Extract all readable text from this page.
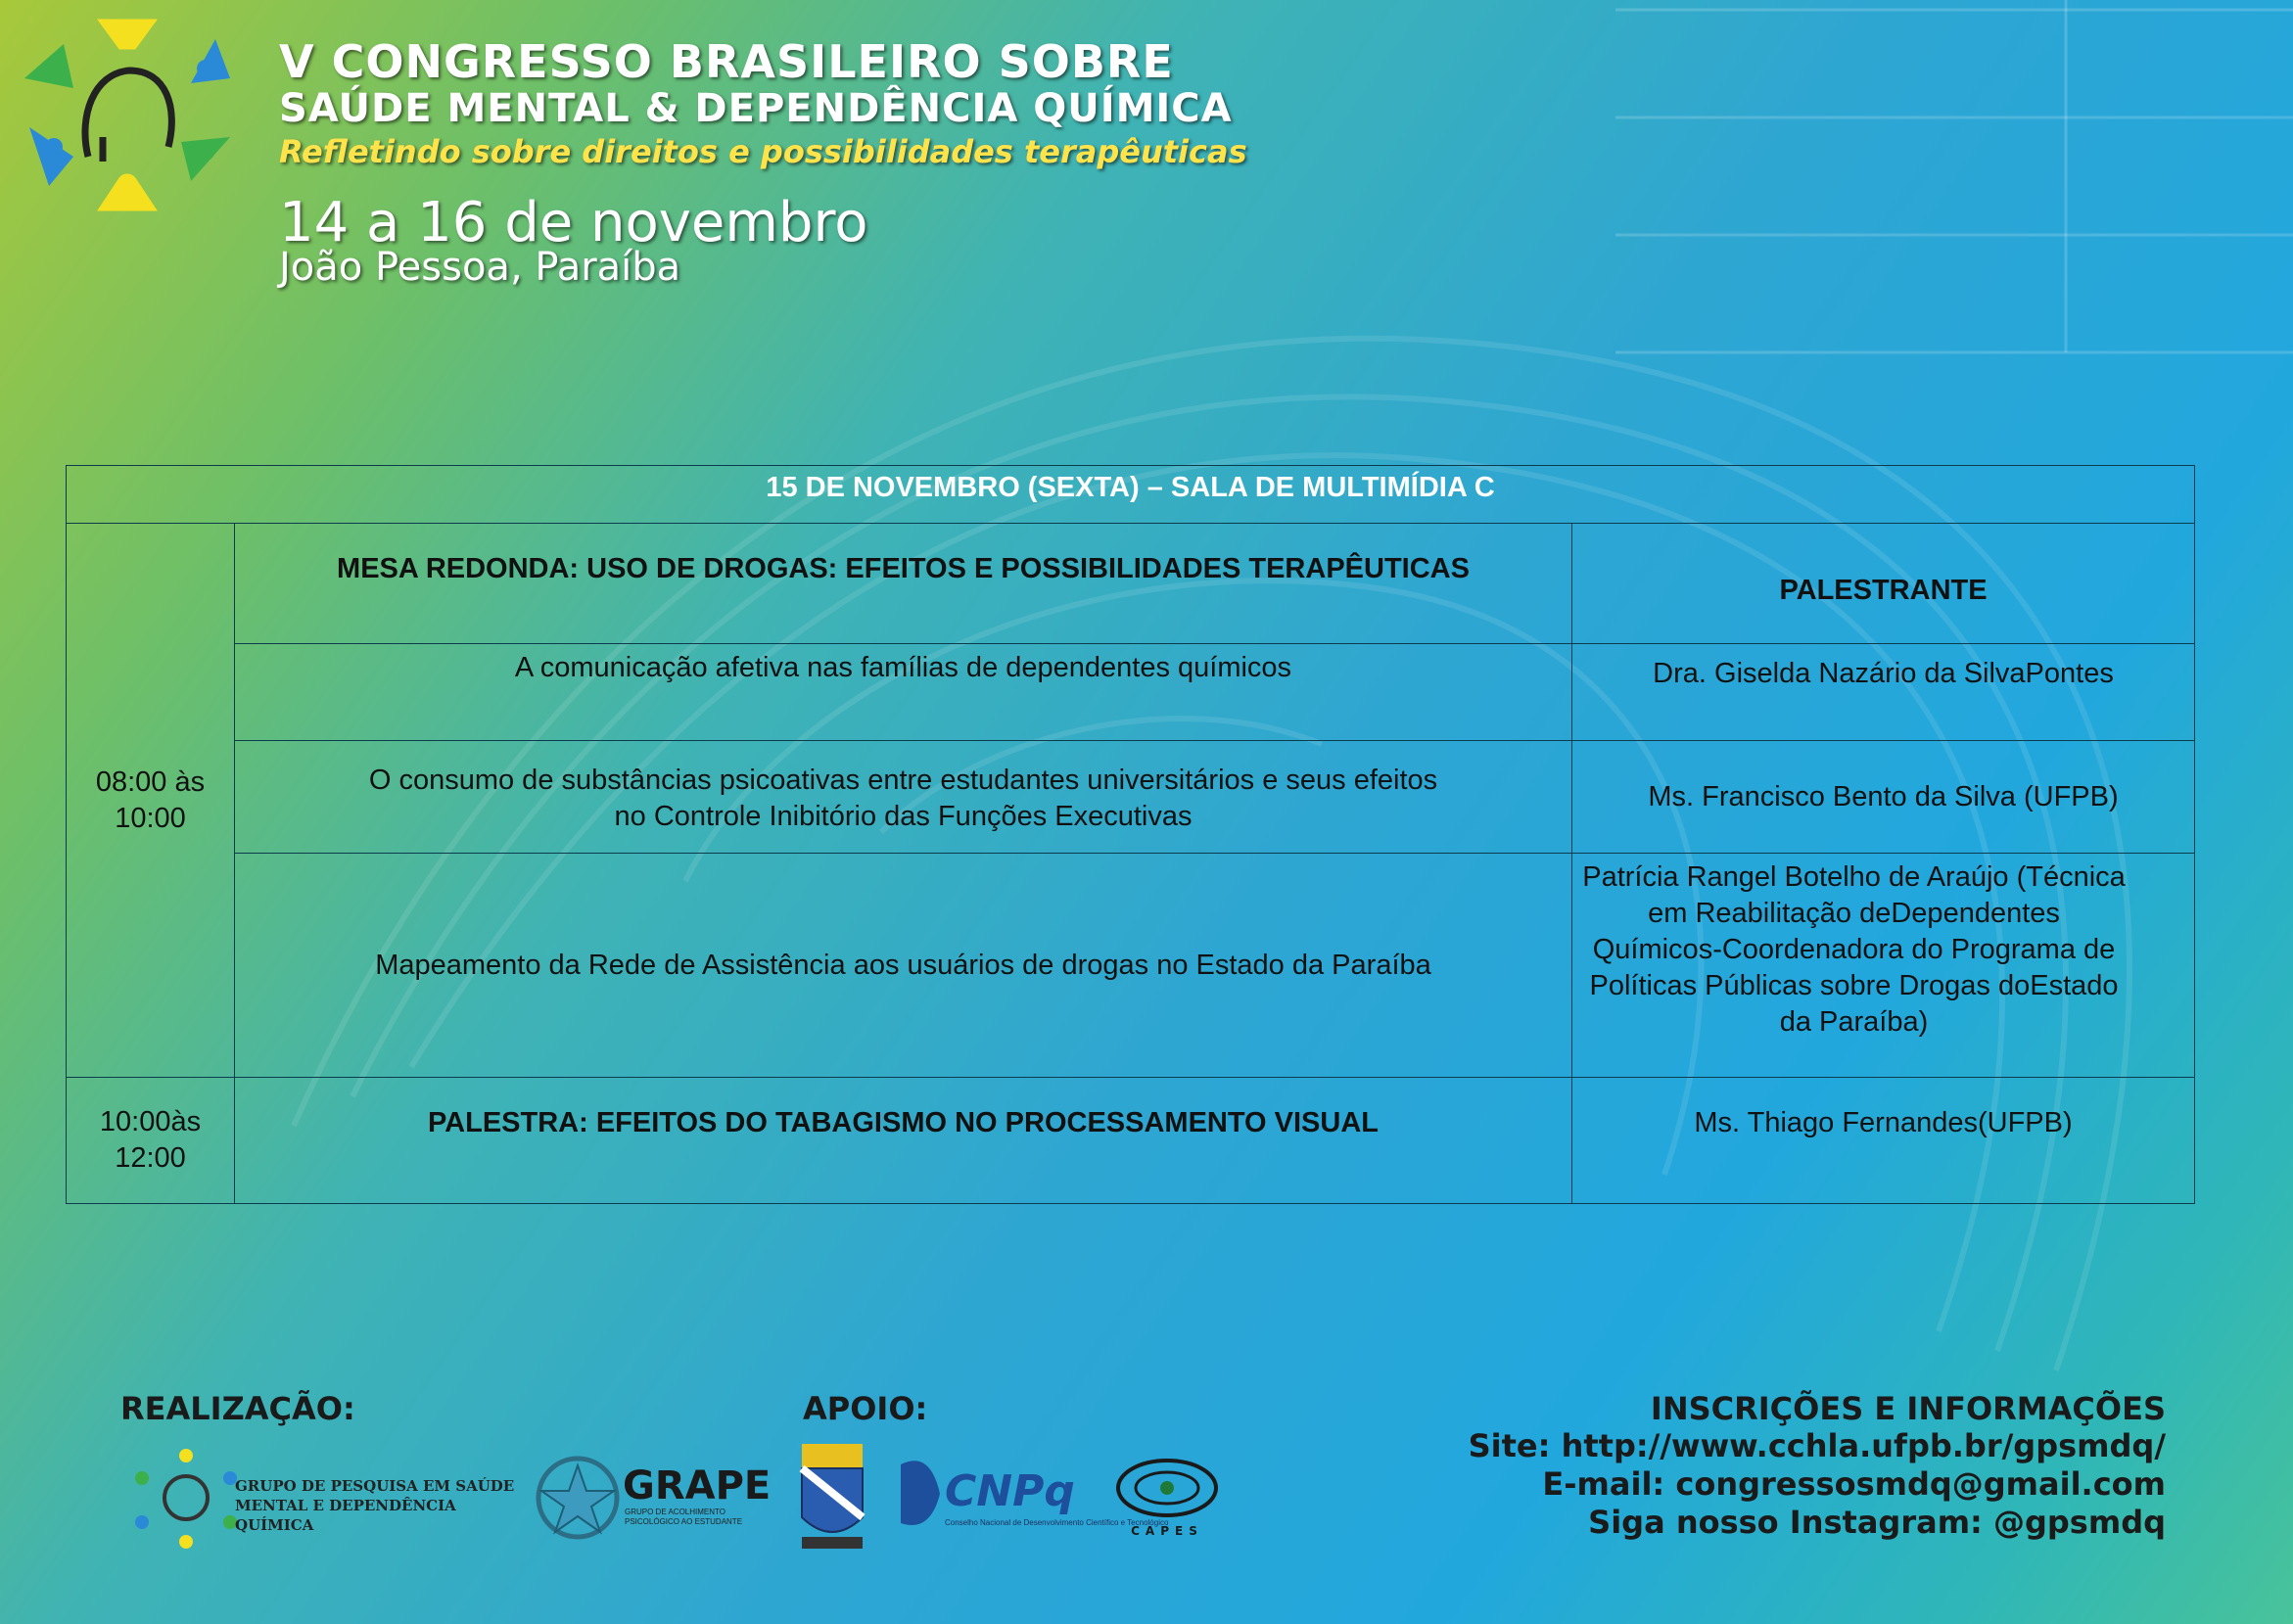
V CONGRESSO BRASILEIRO SOBRE
SAÚDE MENTAL & DEPENDÊNCIA QUÍMICA
Refletindo sobre direitos e possibilidades terapêuticas
14 a 16 de novembro
João Pessoa, Paraíba
15 DE NOVEMBRO (SEXTA) – SALA DE MULTIMÍDIA C		
08:00 às 10:00	MESA REDONDA: USO DE DROGAS: EFEITOS E POSSIBILIDADES TERAPÊUTICAS	PALESTRANTE
	A comunicação afetiva nas famílias de dependentes químicos	Dra. Giselda Nazário da SilvaPontes
	O consumo de substâncias psicoativas entre estudantes universitários e seus efeitos no Controle Inibitório das Funções Executivas	Ms. Francisco Bento da Silva (UFPB)
	Mapeamento da Rede de Assistência aos usuários de drogas no Estado da Paraíba	Patrícia Rangel Botelho de Araújo (Técnica em Reabilitação deDependentes Químicos-Coordenadora do Programa de Políticas Públicas sobre Drogas doEstado da Paraíba)
10:00às 12:00	PALESTRA: EFEITOS DO TABAGISMO NO PROCESSAMENTO VISUAL	Ms. Thiago Fernandes(UFPB)
REALIZAÇÃO:	APOIO:
GRUPO DE PESQUISA EM SAÚDE MENTAL E DEPENDÊNCIA QUÍMICA
GRAPE
GRUPO DE ACOLHIMENTO PSICOLÓGICO AO ESTUDANTE
CNPq
Conselho Nacional de Desenvolvimento Científico e Tecnológico
CAPES
INSCRIÇÕES E INFORMAÇÕES
Site: http://www.cchla.ufpb.br/gpsmdq/
E-mail: congressosmdq@gmail.com
Siga nosso Instagram: @gpsmdq
